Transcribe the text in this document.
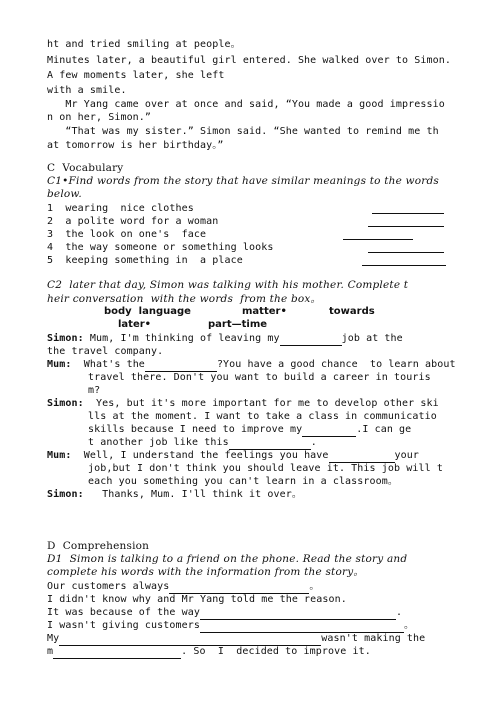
ht and tried smiling at people。
Minutes later, a beautiful girl entered. She walked over to Simon.
A few moments later, she left
with a smile.
Mr Yang came over at once and said, “You made a good impressio
n on her, Simon.”
“That was my sister.” Simon said. “She wanted to remind me th
at tomorrow is her birthday。”
C  Vocabulary
C1•Find words from the story that have similar meanings to the words
below.
1  wearing  nice clothes
2  a polite word for a woman
3  the look on one's  face
4  the way someone or something looks
5  keeping something in  a place
C2  later that day, Simon was talking with his mother. Complete t
heir conversation  with the words  from the box。
body  language	matter•	towards
later•	part—time
Simon: Mum, I'm thinking of leaving my	job at the
the travel company.
Mum:  What's the	?You have a good chance  to learn about
travel there. Don't you want to build a career in touris
m?
Simon:  Yes, but it's more important for me to develop other ski
lls at the moment. I want to take a class in communicatio
skills because I need to improve my	.I can ge
t another job like this	.
Mum:  Well, I understand the feelings you have	your
job,but I don't think you should leave it. This job will t
each you something you can't learn in a classroom。
Simon:   Thanks, Mum. I'll think it over。
D  Comprehension
D1  Simon is talking to a friend on the phone. Read the story and
complete his words with the information from the story。
Our customers always	。
I didn't know why and Mr Yang told me the reason.
It was because of the way	.
I wasn't giving customers	。
My	wasn't making the
m	. So  I  decided to improve it.
